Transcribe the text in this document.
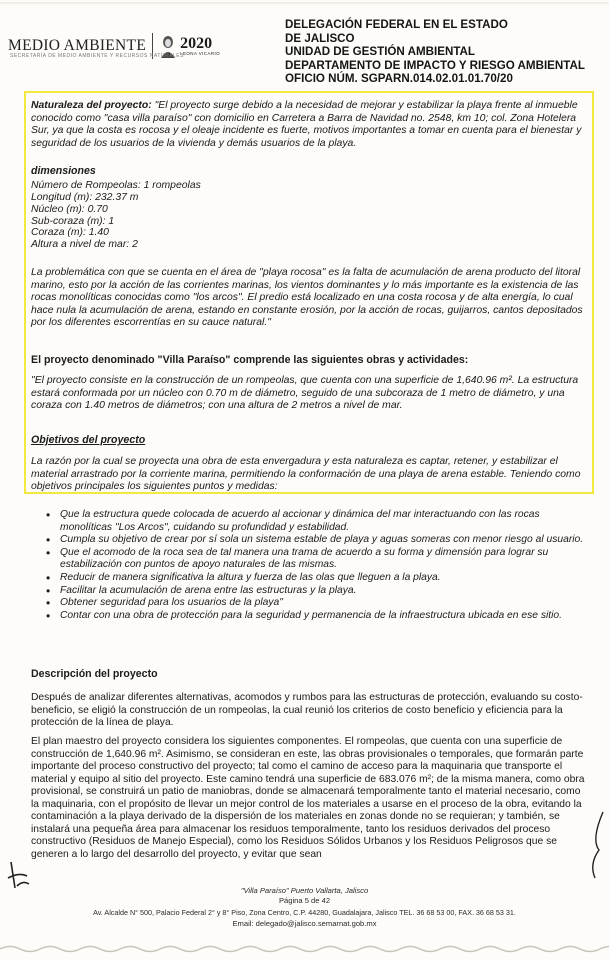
MEDIO AMBIENTE
SECRETARÍA DE MEDIO AMBIENTE Y RECURSOS NATURALES
2020
LEONA VICARIO
DELEGACIÓN FEDERAL EN EL ESTADO
DE JALISCO
UNIDAD DE GESTIÓN AMBIENTAL
DEPARTAMENTO DE IMPACTO Y RIESGO AMBIENTAL
OFICIO NÚM. SGPARN.014.02.01.01.70/20
Naturaleza del proyecto: "El proyecto surge debido a la necesidad de mejorar y estabilizar la playa frente al inmueble conocido como "casa villa paraíso" con domicilio en Carretera a Barra de Navidad no. 2548, km 10; col. Zona Hotelera Sur, ya que la costa es rocosa y el oleaje incidente es fuerte, motivos importantes a tomar en cuenta para el bienestar y seguridad de los usuarios de la vivienda y demás usuarios de la playa.
dimensiones
Número de Rompeolas: 1 rompeolas
Longitud (m): 232.37 m
Núcleo (m): 0.70
Sub-coraza (m): 1
Coraza (m): 1.40
Altura a nivel de mar: 2
La problemática con que se cuenta en el área de "playa rocosa" es la falta de acumulación de arena producto del litoral marino, esto por la acción de las corrientes marinas, los vientos dominantes y lo más importante es la existencia de las rocas monolíticas conocidas como "los arcos". El predio está localizado en una costa rocosa y de alta energía, lo cual hace nula la acumulación de arena, estando en constante erosión, por la acción de rocas, guijarros, cantos depositados por los diferentes escorrentías en su cauce natural."
El proyecto denominado "Villa Paraíso" comprende las siguientes obras y actividades:
"El proyecto consiste en la construcción de un rompeolas, que cuenta con una superficie de 1,640.96 m². La estructura estará conformada por un núcleo con 0.70 m de diámetro, seguido de una subcoraza de 1 metro de diámetro, y una coraza con 1.40 metros de diámetros; con una altura de 2 metros a nivel de mar.
Objetivos del proyecto
La razón por la cual se proyecta una obra de esta envergadura y esta naturaleza es captar, retener, y estabilizar el material arrastrado por la corriente marina, permitiendo la conformación de una playa de arena estable. Teniendo como objetivos principales los siguientes puntos y medidas:
• Que la estructura quede colocada de acuerdo al accionar y dinámica del mar interactuando con las rocas monolíticas "Los Arcos", cuidando su profundidad y estabilidad.
• Cumpla su objetivo de crear por sí sola un sistema estable de playa y aguas someras con menor riesgo al usuario.
• Que el acomodo de la roca sea de tal manera una trama de acuerdo a su forma y dimensión para lograr su estabilización con puntos de apoyo naturales de las mismas.
• Reducir de manera significativa la altura y fuerza de las olas que lleguen a la playa.
• Facilitar la acumulación de arena entre las estructuras y la playa.
• Obtener seguridad para los usuarios de la playa"
• Contar con una obra de protección para la seguridad y permanencia de la infraestructura ubicada en ese sitio.
Descripción del proyecto
Después de analizar diferentes alternativas, acomodos y rumbos para las estructuras de protección, evaluando su costo-beneficio, se eligió la construcción de un rompeolas, la cual reunió los criterios de costo beneficio y eficiencia para la protección de la línea de playa.
El plan maestro del proyecto considera los siguientes componentes. El rompeolas, que cuenta con una superficie de construcción de 1,640.96 m². Asimismo, se consideran en este, las obras provisionales o temporales, que formarán parte importante del proceso constructivo del proyecto; tal como el camino de acceso para la maquinaria que transporte el material y equipo al sitio del proyecto. Este camino tendrá una superficie de 683.076 m²; de la misma manera, como obra provisional, se construirá un patio de maniobras, donde se almacenará temporalmente tanto el material necesario, como la maquinaria, con el propósito de llevar un mejor control de los materiales a usarse en el proceso de la obra, evitando la contaminación a la playa derivado de la dispersión de los materiales en zonas donde no se requieran; y también, se instalará una pequeña área para almacenar los residuos temporalmente, tanto los residuos derivados del proceso constructivo (Residuos de Manejo Especial), como los Residuos Sólidos Urbanos y los Residuos Peligrosos que se generen a lo largo del desarrollo del proyecto, y evitar que sean
"Villa Paraíso" Puerto Vallarta, Jalisco
Página 5 de 42
Av. Alcalde N° 500, Palacio Federal 2° y 8° Piso, Zona Centro, C.P. 44280, Guadalajara, Jalisco TEL. 36 68 53 00, FAX. 36 68 53 31.
Email: delegado@jalisco.semarnat.gob.mx
